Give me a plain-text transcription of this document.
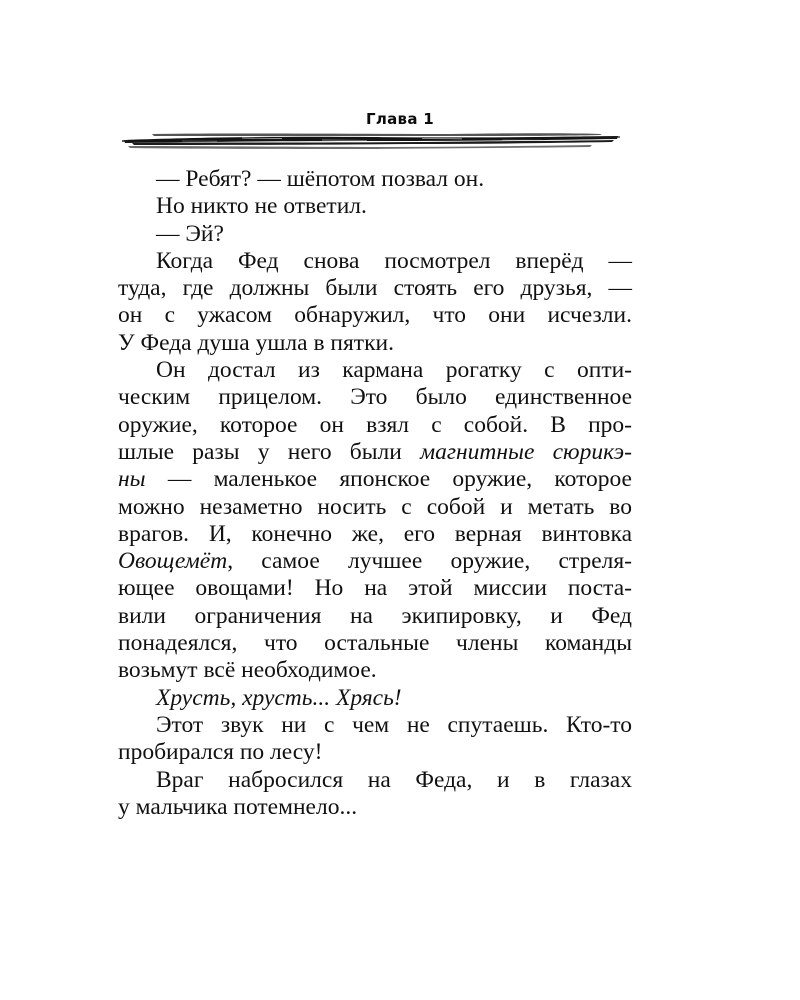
Глава 1
— Ребят? — шёпотом позвал он.
Но никто не ответил.
— Эй?
Когда Фед снова посмотрел вперёд —
туда, где должны были стоять его друзья, —
он с ужасом обнаружил, что они исчезли.
У Феда душа ушла в пятки.
Он достал из кармана рогатку с опти-
ческим прицелом. Это было единственное
оружие, которое он взял с собой. В про-
шлые разы у него были магнитные сюрикэ-
ны — маленькое японское оружие, которое
можно незаметно носить с собой и метать во
врагов. И, конечно же, его верная винтовка
Овощемёт, самое лучшее оружие, стреля-
ющее овощами! Но на этой миссии поста-
вили ограничения на экипировку, и Фед
понадеялся, что остальные члены команды
возьмут всё необходимое.
Хрусть, хрусть... Хрясь!
Этот звук ни с чем не спутаешь. Кто-то
пробирался по лесу!
Враг набросился на Феда, и в глазах
у мальчика потемнело...
